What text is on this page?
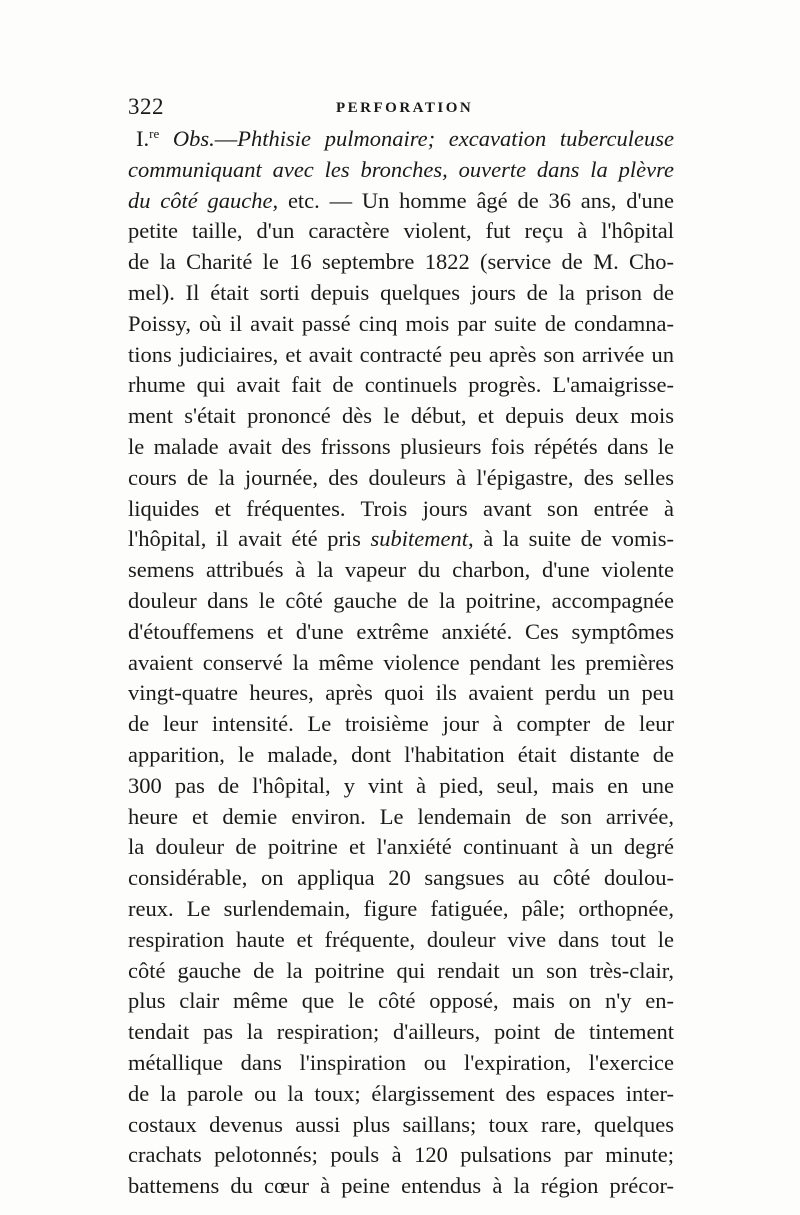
322	PERFORATION
I.$^{re}$ Obs.—Phthisie pulmonaire; excavation tuberculeuse
communiquant avec les bronches, ouverte dans la plèvre
du côté gauche, etc. — Un homme âgé de 36 ans, d'une
petite taille, d'un caractère violent, fut reçu à l'hôpital
de la Charité le 16 septembre 1822 (service de M. Cho-
mel). Il était sorti depuis quelques jours de la prison de
Poissy, où il avait passé cinq mois par suite de condamna-
tions judiciaires, et avait contracté peu après son arrivée un
rhume qui avait fait de continuels progrès. L'amaigrisse-
ment s'était prononcé dès le début, et depuis deux mois
le malade avait des frissons plusieurs fois répétés dans le
cours de la journée, des douleurs à l'épigastre, des selles
liquides et fréquentes. Trois jours avant son entrée à
l'hôpital, il avait été pris subitement, à la suite de vomis-
semens attribués à la vapeur du charbon, d'une violente
douleur dans le côté gauche de la poitrine, accompagnée
d'étouffemens et d'une extrême anxiété. Ces symptômes
avaient conservé la même violence pendant les premières
vingt-quatre heures, après quoi ils avaient perdu un peu
de leur intensité. Le troisième jour à compter de leur
apparition, le malade, dont l'habitation était distante de
300 pas de l'hôpital, y vint à pied, seul, mais en une
heure et demie environ. Le lendemain de son arrivée,
la douleur de poitrine et l'anxiété continuant à un degré
considérable, on appliqua 20 sangsues au côté doulou-
reux. Le surlendemain, figure fatiguée, pâle; orthopnée,
respiration haute et fréquente, douleur vive dans tout le
côté gauche de la poitrine qui rendait un son très-clair,
plus clair même que le côté opposé, mais on n'y en-
tendait pas la respiration; d'ailleurs, point de tintement
métallique dans l'inspiration ou l'expiration, l'exercice
de la parole ou la toux; élargissement des espaces inter-
costaux devenus aussi plus saillans; toux rare, quelques
crachats pelotonnés; pouls à 120 pulsations par minute;
battemens du cœur à peine entendus à la région précor-
